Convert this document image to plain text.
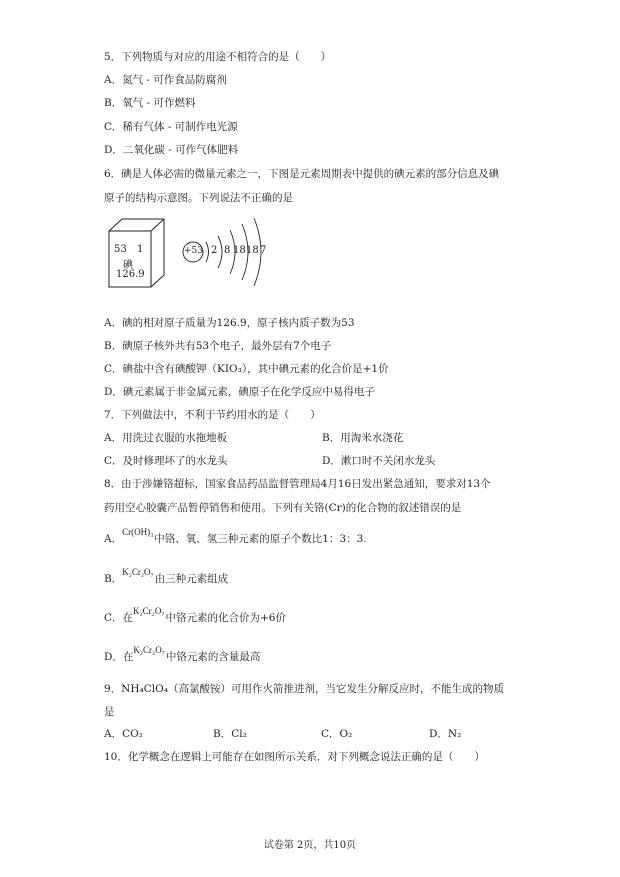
5．下列物质与对应的用途不相符合的是（　　）
A．氮气 - 可作食品防腐剂
B．氧气 - 可作燃料
C．稀有气体 - 可制作电光源
D．二氧化碳 - 可作气体肥料
6．碘是人体必需的微量元素之一，下图是元素周期表中提供的碘元素的部分信息及碘
原子的结构示意图。下列说法不正确的是
53 1
碘
126.9
+53 2 8 18 18 7
A．碘的相对原子质量为126.9，原子核内质子数为53
B．碘原子核外共有53个电子，最外层有7个电子
C．碘盐中含有碘酸钾（KIO₃），其中碘元素的化合价是+1价
D．碘元素属于非金属元素，碘原子在化学反应中易得电子
7．下列做法中，不利于节约用水的是（　　）
A．用洗过衣服的水拖地板	B．用淘米水浇花
C．及时修理坏了的水龙头	D．漱口时不关闭水龙头
8．由于涉嫌铬超标，国家食品药品监督管理局4月16日发出紧急通知，要求对13个
药用空心胶囊产品暂停销售和使用。下列有关铬(Cr)的化合物的叙述错误的是
A．Cr(OH)₃中铬、氧、氢三种元素的原子个数比1：3：3.
B．K₂Cr₂O₇由三种元素组成
C．在K₂Cr₂O₇中铬元素的化合价为+6价
D．在K₂Cr₂O₇中铬元素的含量最高
9．NH₄ClO₄（高氯酸铵）可用作火箭推进剂，当它发生分解反应时，不能生成的物质
是
A．CO₂	B．Cl₂	C．O₂	D．N₂
10．化学概念在逻辑上可能存在如图所示关系．对下列概念说法正确的是（　　）
试卷第 2页，共10页
